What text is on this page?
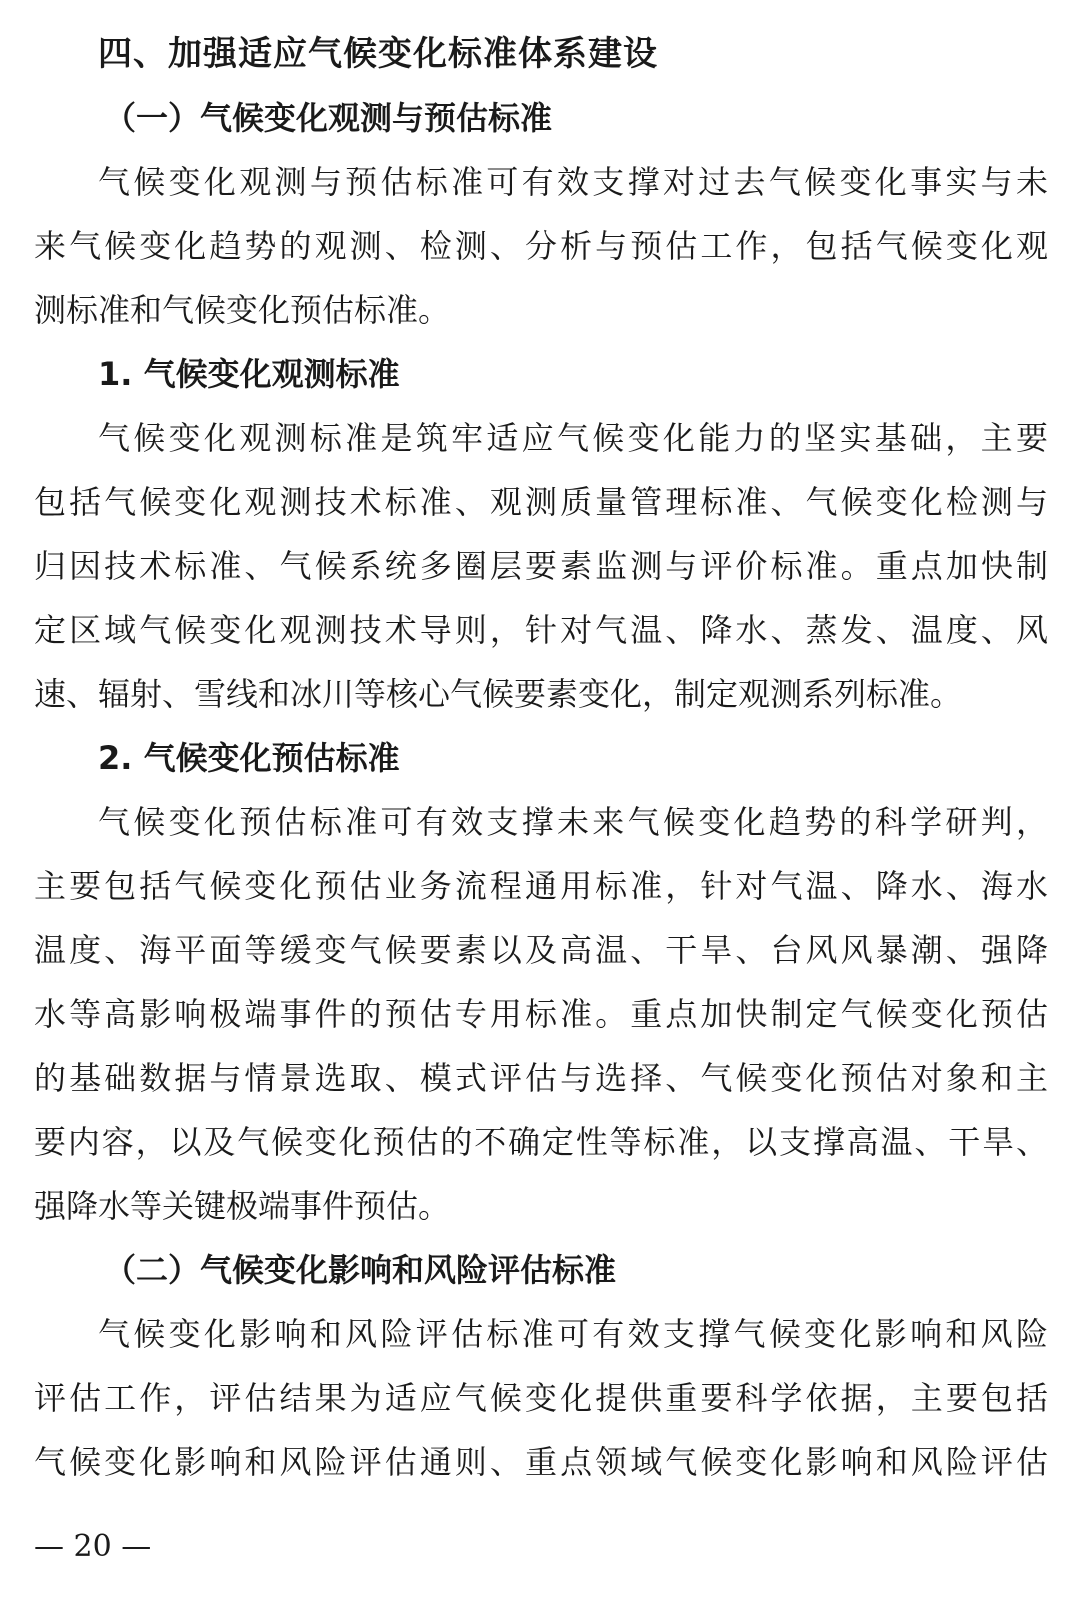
四、加强适应气候变化标准体系建设
（一）气候变化观测与预估标准
气候变化观测与预估标准可有效支撑对过去气候变化事实与未
来气候变化趋势的观测、检测、分析与预估工作，包括气候变化观
测标准和气候变化预估标准。
1. 气候变化观测标准
气候变化观测标准是筑牢适应气候变化能力的坚实基础，主要
包括气候变化观测技术标准、观测质量管理标准、气候变化检测与
归因技术标准、气候系统多圈层要素监测与评价标准。重点加快制
定区域气候变化观测技术导则，针对气温、降水、蒸发、温度、风
速、辐射、雪线和冰川等核心气候要素变化，制定观测系列标准。
2. 气候变化预估标准
气候变化预估标准可有效支撑未来气候变化趋势的科学研判，
主要包括气候变化预估业务流程通用标准，针对气温、降水、海水
温度、海平面等缓变气候要素以及高温、干旱、台风风暴潮、强降
水等高影响极端事件的预估专用标准。重点加快制定气候变化预估
的基础数据与情景选取、模式评估与选择、气候变化预估对象和主
要内容，以及气候变化预估的不确定性等标准，以支撑高温、干旱、
强降水等关键极端事件预估。
（二）气候变化影响和风险评估标准
气候变化影响和风险评估标准可有效支撑气候变化影响和风险
评估工作，评估结果为适应气候变化提供重要科学依据，主要包括
气候变化影响和风险评估通则、重点领域气候变化影响和风险评估
— 20 —
